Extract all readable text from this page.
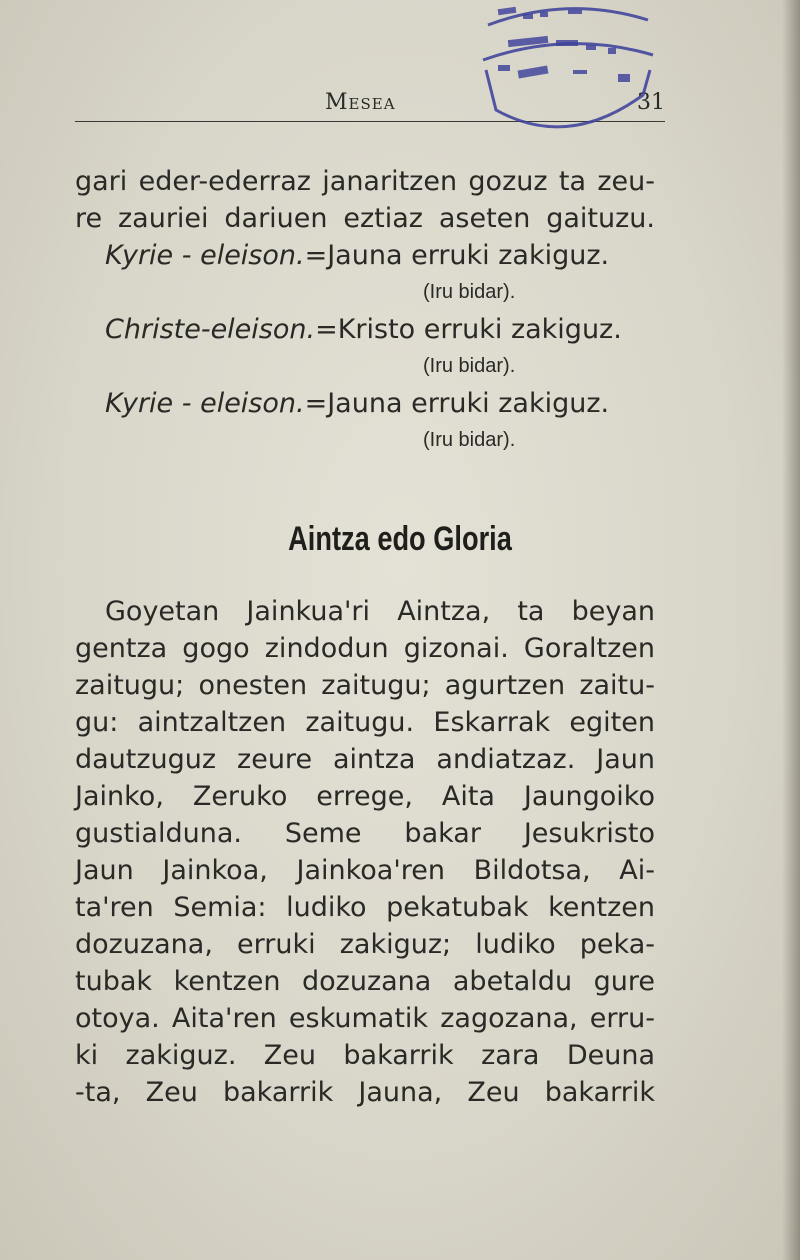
Mesea	31
gari eder-ederraz janaritzen gozuz ta zeu-
re zauriei dariuen eztiaz aseten gaituzu.
Kyrie - eleison.=Jauna erruki zakiguz.
(Iru bidar).
Christe-eleison.=Kristo erruki zakiguz.
(Iru bidar).
Kyrie - eleison.=Jauna erruki zakiguz.
(Iru bidar).
Aintza edo Gloria
Goyetan Jainkua'ri Aintza, ta beyan
gentza gogo zindodun gizonai. Goraltzen
zaitugu; onesten zaitugu; agurtzen zaitu-
gu: aintzaltzen zaitugu. Eskarrak egiten
dautzuguz zeure aintza andiatzaz. Jaun
Jainko, Zeruko errege, Aita Jaungoiko
gustialduna. Seme bakar Jesukristo
Jaun Jainkoa, Jainkoa'ren Bildotsa, Ai-
ta'ren Semia: ludiko pekatubak kentzen
dozuzana, erruki zakiguz; ludiko peka-
tubak kentzen dozuzana abetaldu gure
otoya. Aita'ren eskumatik zagozana, erru-
ki zakiguz. Zeu bakarrik zara Deuna
-ta, Zeu bakarrik Jauna, Zeu bakarrik
